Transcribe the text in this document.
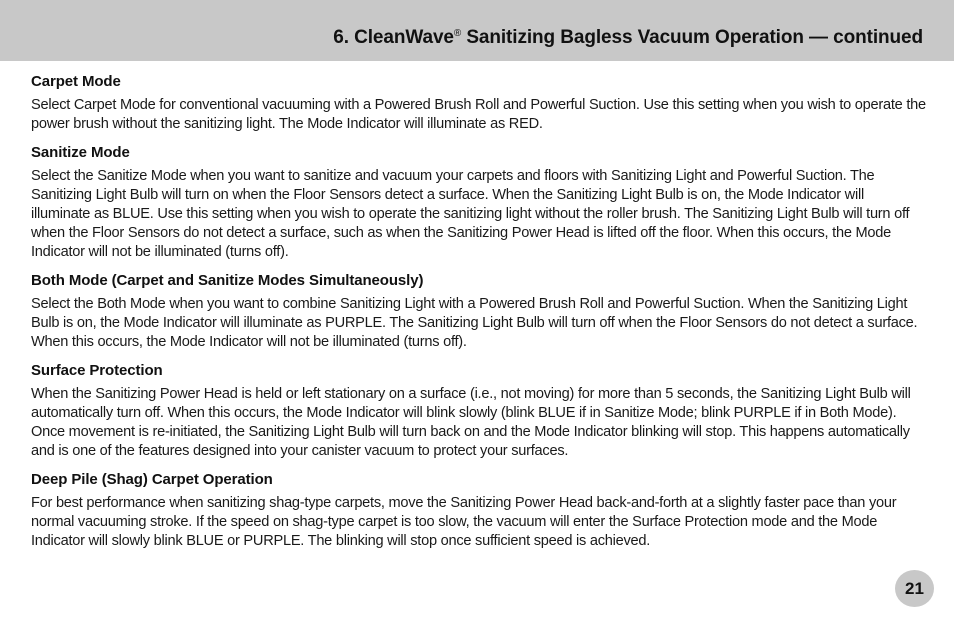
6. CleanWave® Sanitizing Bagless Vacuum Operation — continued
Carpet Mode

Select Carpet Mode for conventional vacuuming with a Powered Brush Roll and Powerful Suction. Use this setting when you wish to operate the power brush without the sanitizing light. The Mode Indicator will illuminate as RED.

Sanitize Mode

Select the Sanitize Mode when you want to sanitize and vacuum your carpets and floors with Sanitizing Light and Powerful Suction. The Sanitizing Light Bulb will turn on when the Floor Sensors detect a surface. When the Sanitizing Light Bulb is on, the Mode Indicator will illuminate as BLUE. Use this setting when you wish to operate the sanitizing light without the roller brush. The Sanitizing Light Bulb will turn off when the Floor Sensors do not detect a surface, such as when the Sanitizing Power Head is lifted off the floor. When this occurs, the Mode Indicator will not be illuminated (turns off).

Both Mode (Carpet and Sanitize Modes Simultaneously)

Select the Both Mode when you want to combine Sanitizing Light with a Powered Brush Roll and Powerful Suction. When the Sanitizing Light Bulb is on, the Mode Indicator will illuminate as PURPLE. The Sanitizing Light Bulb will turn off when the Floor Sensors do not detect a surface. When this occurs, the Mode Indicator will not be illuminated (turns off).

Surface Protection

When the Sanitizing Power Head is held or left stationary on a surface (i.e., not moving) for more than 5 seconds, the Sanitizing Light Bulb will automatically turn off. When this occurs, the Mode Indicator will blink slowly (blink BLUE if in Sanitize Mode; blink PURPLE if in Both Mode). Once movement is re-initiated, the Sanitizing Light Bulb will turn back on and the Mode Indicator blinking will stop. This happens automatically and is one of the features designed into your canister vacuum to protect your surfaces.

Deep Pile (Shag) Carpet Operation

For best performance when sanitizing shag-type carpets, move the Sanitizing Power Head back-and-forth at a slightly faster pace than your normal vacuuming stroke. If the speed on shag-type carpet is too slow, the vacuum will enter the Surface Protection mode and the Mode Indicator will slowly blink BLUE or PURPLE. The blinking will stop once sufficient speed is achieved.

21
